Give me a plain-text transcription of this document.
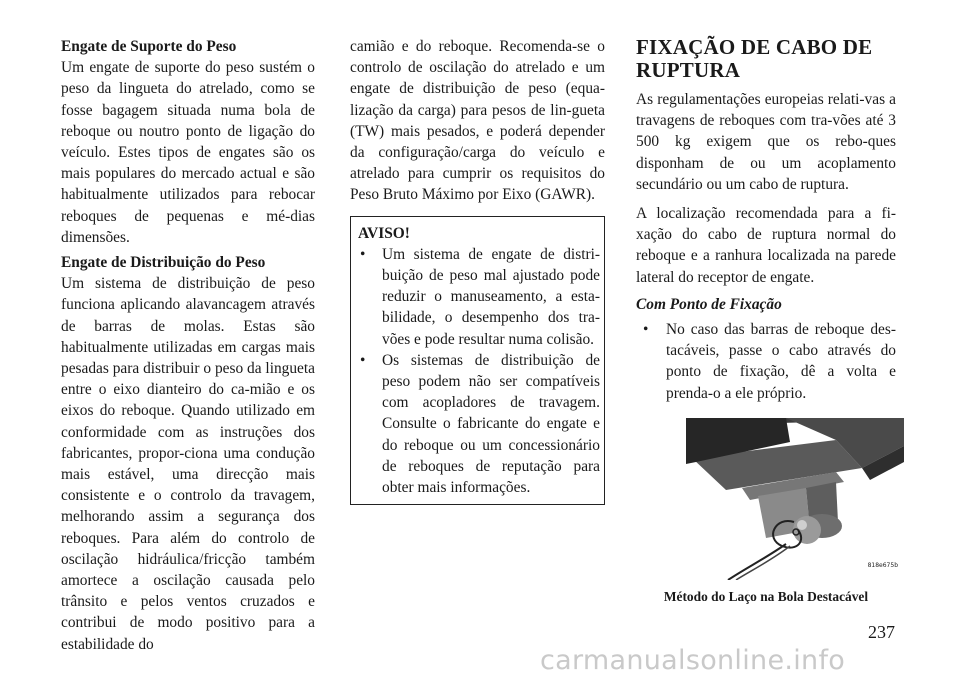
Engate de Suporte do Peso

Um engate de suporte do peso sustém o peso da lingueta do atrelado, como se fosse bagagem situada numa bola de reboque ou noutro ponto de ligação do veículo. Estes tipos de engates são os mais populares do mercado actual e são habitualmente utilizados para rebocar reboques de pequenas e mé-dias dimensões.

Engate de Distribuição do Peso

Um sistema de distribuição de peso funciona aplicando alavancagem através de barras de molas. Estas são habitualmente utilizadas em cargas mais pesadas para distribuir o peso da lingueta entre o eixo dianteiro do ca-mião e os eixos do reboque. Quando utilizado em conformidade com as instruções dos fabricantes, propor-ciona uma condução mais estável, uma direcção mais consistente e o controlo da travagem, melhorando assim a segurança dos reboques. Para além do controlo de oscilação hidráulica/fricção também amortece a oscilação causada pelo trânsito e pelos ventos cruzados e contribui de modo positivo para a estabilidade do

camião e do reboque. Recomenda-se o controlo de oscilação do atrelado e um engate de distribuição de peso (equa-lização da carga) para pesos de lin-gueta (TW) mais pesados, e poderá depender da configuração/carga do veículo e atrelado para cumprir os requisitos do Peso Bruto Máximo por Eixo (GAWR).

AVISO!
• Um sistema de engate de distri-buição de peso mal ajustado pode reduzir o manuseamento, a esta-bilidade, o desempenho dos tra-vões e pode resultar numa colisão.
• Os sistemas de distribuição de peso podem não ser compatíveis com acopladores de travagem. Consulte o fabricante do engate e do reboque ou um concessionário de reboques de reputação para obter mais informações.
FIXAÇÃO DE CABO DE RUPTURA

As regulamentações europeias relati-vas a travagens de reboques com tra-vões até 3 500 kg exigem que os rebo-ques disponham de ou um acoplamento secundário ou um cabo de ruptura.

A localização recomendada para a fi-xação do cabo de ruptura normal do reboque e a ranhura localizada na parede lateral do receptor de engate.

Com Ponto de Fixação
• No caso das barras de reboque des-tacáveis, passe o cabo através do ponto de fixação, dê a volta e prenda-o a ele próprio.
818e675b
Método do Laço na Bola Destacável
237
carmanualsonline.info
